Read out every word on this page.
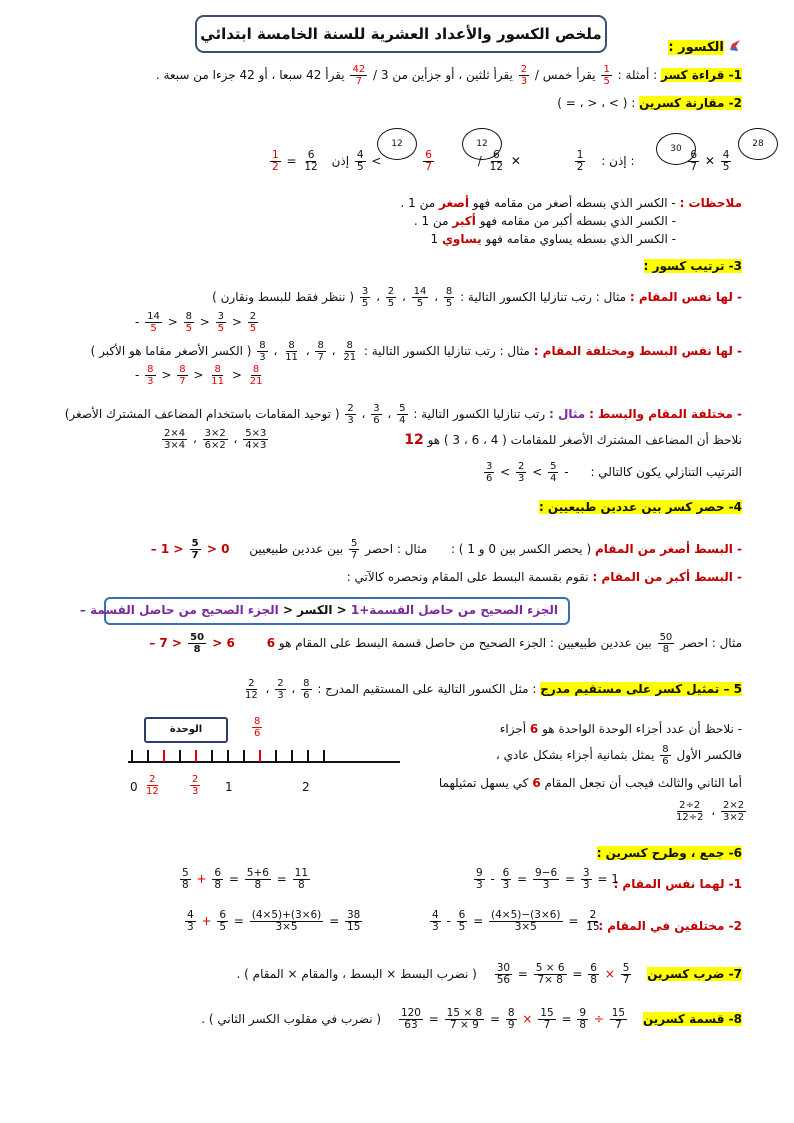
ملخص الكسور والأعداد العشرية للسنة الخامسة ابتدائي
الكسور :
1- قراءة كسر : أمثلة :
$\frac{1}{5}$
يقرأ خمس /
$\frac{2}{3}$
يقرأ ثلثين ، أو جزأين من 3 /
$\frac{42}{7}$
يقرأ 42 سبعا ، أو 42 جزءا من سبعة .
2- مقارنة كسرين : ( > ، < ، = )
12	12	30	28
$\frac{1}{2} = \frac{6}{12}$	إذن :
$\frac{1}{2}$
✕
$\frac{6}{12}$
/
$\frac{6}{7}$
>
$\frac{4}{5}$
إذن :	$\frac{6}{7}$ ✕ $\frac{4}{5}$
ملاحظات : - الكسر الذي بسطه أصغر من مقامه فهو أصغر من 1 .
- الكسر الذي بسطه أكبر من مقامه فهو أكبر من 1 .
- الكسر الذي بسطه يساوي مقامه فهو يساوي 1
3- ترتيب كسور :
- لها نفس المقام : مثال : رتب تنازليا الكسور التالية :
$\frac{8}{5}$
،
$\frac{14}{5}$
،
$\frac{2}{5}$
،
$\frac{3}{5}$
( ننظر فقط للبسط ونقارن )
- $\frac{14}{5} > \frac{8}{5} > \frac{3}{5} > \frac{2}{5}$
- لها نفس البسط ومختلفة المقام : مثال : رتب تنازليا الكسور التالية :
$\frac{8}{21}$
،
$\frac{8}{7}$
،
$\frac{8}{11}$
،
$\frac{8}{3}$
( الكسر الأصغر مقاما هو الأكبر )
- $\frac{8}{3} > \frac{8}{7} > \frac{8}{11} > \frac{8}{21}$
- مختلفة المقام والبسط : مثال : رتب تنازليا الكسور التالية :
$\frac{5}{4}$
،
$\frac{3}{6}$
،
$\frac{2}{3}$
( توحيد المقامات باستخدام المضاعف المشترك الأصغر)
$\frac{2\times 4}{3\times 4}$ ، $\frac{3\times 2}{6\times 2}$ ، $\frac{5\times 3}{4\times 3}$	نلاحظ أن المضاعف المشترك الأصغر للمقامات ( 4 ، 6 ، 3 ) هو 12
الترتيب التنازلي يكون كالتالي : -
$\frac{5}{4}$
>
$\frac{2}{3}$
>
$\frac{3}{6}$
4- حصر كسر بين عددين طبيعيين :
- البسط أصغر من المقام ( يحصر الكسر بين 0 و 1 ) : مثال : احصر
$\frac{5}{7}$
بين عددين طبيعيين 0 <
$\frac{5}{7}$
< 1 –
- البسط أكبر من المقام : نقوم بقسمة البسط على المقام ونحصره كالآتي :
الجزء الصحيح من حاصل القسمة+1 < الكسر < الجزء الصحيح من حاصل القسمة –
مثال : احصر
$\frac{50}{8}$
بين عددين طبيعيين : الجزء الصحيح من حاصل قسمة البسط على المقام هو 6 6 <
$\frac{50}{8}$
< 7 –
5 – تمثيل كسر على مستقيم مدرج : مثل الكسور التالية على المستقيم المدرج :
$\frac{8}{6}$
،
$\frac{2}{3}$
،
$\frac{2}{12}$
الوحدة	$\frac{8}{6}$
$0 \frac{2}{12}$	$\frac{2}{3} 1$	2
- نلاحظ أن عدد أجزاء الوحدة الواحدة هو 6 أجزاء
فالكسر الأول
$\frac{8}{6}$
يمثل بثمانية أجزاء بشكل عادي ،
أما الثاني والثالث فيجب أن نجعل المقام 6 كي يسهل تمثيلهما
$\frac{2\div 2}{12\div 2}$ ، $\frac{2\times 2}{3\times 2}$
6- جمع ، وطرح كسرين :
1- لهما نفس المقام :
$\frac{9}{3} - \frac{6}{3} = \frac{9-6}{3} = \frac{3}{3} = 1$
$\frac{5}{8} + \frac{6}{8} = \frac{5+6}{8} = \frac{11}{8}$
2- مختلفين في المقام :
$\frac{4}{3} - \frac{6}{5} = \frac{(4\times 5)-(3\times 6)}{3\times 5} = \frac{2}{15}$
$\frac{4}{3} + \frac{6}{5} = \frac{(4\times 5)+(3\times 6)}{3\times 5} = \frac{38}{15}$
7- ضرب كسرين
$\frac{5}{7}$
×
$\frac{6}{8}$
=
$\frac{5 \times 6}{7\times 8}$
=
$\frac{30}{56}$
( نضرب البسط × البسط ، والمقام × المقام ) .
8- قسمة كسرين
$\frac{15}{7}$
÷
$\frac{9}{8}$
=
$\frac{15}{7}$
×
$\frac{8}{9}$
=
$\frac{15 \times 8}{7 \times 9}$
=
$\frac{120}{63}$
( نضرب في مقلوب الكسر الثاني ) .
